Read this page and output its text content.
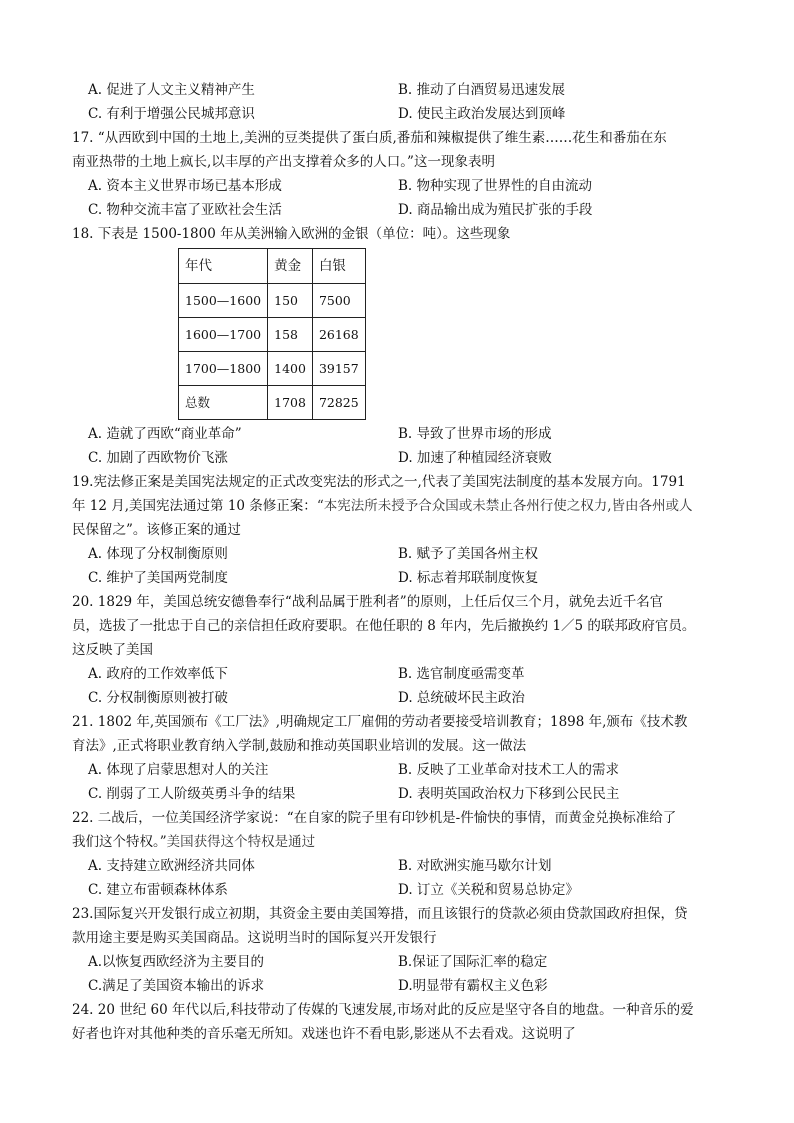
A. 促进了人文主义精神产生	B. 推动了白酒贸易迅速发展
C. 有利于增强公民城邦意识	D. 使民主政治发展达到顶峰

17. “从西欧到中国的土地上,美洲的豆类提供了蛋白质,番茄和辣椒提供了维生素……花生和番茄在东

南亚热带的土地上疯长,以丰厚的产出支撑着众多的人口。”这一现象表明

A. 资本主义世界市场已基本形成	B. 物种实现了世界性的自由流动
C. 物种交流丰富了亚欧社会生活	D. 商品输出成为殖民扩张的手段

18. 下表是 1500-1800 年从美洲输入欧洲的金银（单位：吨）。这些现象

年代	黄金	白银
1500—1600	150	7500
1600—1700	158	26168
1700—1800	1400	39157
总数	1708	72825
A. 造就了西欧“商业革命”	B. 导致了世界市场的形成
C. 加剧了西欧物价飞涨	D. 加速了种植园经济衰败

19.宪法修正案是美国宪法规定的正式改变宪法的形式之一,代表了美国宪法制度的基本发展方向。1791

年 12 月,美国宪法通过第 10 条修正案：“本宪法所未授予合众国或未禁止各州行使之权力,皆由各州或人

民保留之”。该修正案的通过

A. 体现了分权制衡原则	B. 赋予了美国各州主权
C. 维护了美国两党制度	D. 标志着邦联制度恢复

20. 1829 年，美国总统安德鲁奉行“战利品属于胜利者”的原则，上任后仅三个月，就免去近千名官

员，选拔了一批忠于自己的亲信担任政府要职。在他任职的 8 年内，先后撤换约 1／5 的联邦政府官员。

这反映了美国

A. 政府的工作效率低下	B. 选官制度亟需变革
C. 分权制衡原则被打破	D. 总统破坏民主政治

21. 1802 年,英国颁布《工厂法》,明确规定工厂雇佣的劳动者要接受培训教育；1898 年,颁布《技术教

育法》,正式将职业教育纳入学制,鼓励和推动英国职业培训的发展。这一做法

A. 体现了启蒙思想对人的关注	B. 反映了工业革命对技术工人的需求
C. 削弱了工人阶级英勇斗争的结果	D. 表明英国政治权力下移到公民民主

22. 二战后，一位美国经济学家说：“在自家的院子里有印钞机是-件愉快的事情，而黄金兑换标准给了

我们这个特权。”美国获得这个特权是通过

A. 支持建立欧洲经济共同体	B. 对欧洲实施马歇尔计划
C. 建立布雷顿森林体系	D. 订立《关税和贸易总协定》

23.国际复兴开发银行成立初期，其资金主要由美国筹措，而且该银行的贷款必须由贷款国政府担保，贷

款用途主要是购买美国商品。这说明当时的国际复兴开发银行

A.以恢复西欧经济为主要目的	B.保证了国际汇率的稳定
C.满足了美国资本输出的诉求	D.明显带有霸权主义色彩

24. 20 世纪 60 年代以后,科技带动了传媒的飞速发展,市场对此的反应是坚守各自的地盘。一种音乐的爱

好者也许对其他种类的音乐毫无所知。戏迷也许不看电影,影迷从不去看戏。这说明了
